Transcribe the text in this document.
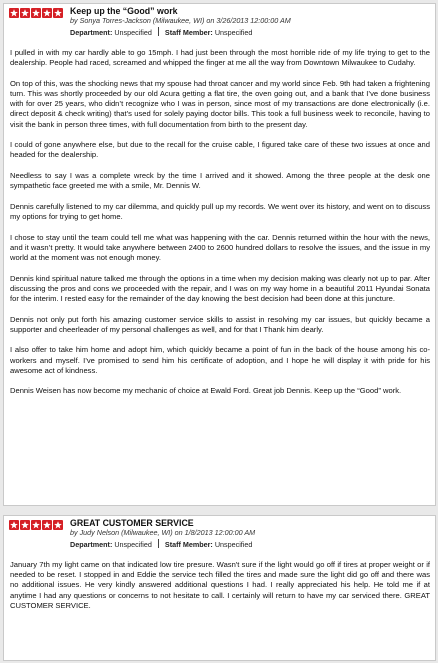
Keep up the “Good” work
by Sonya Torres-Jackson (Milwaukee, WI) on 3/26/2013 12:00:00 AM
Department: Unspecified Staff Member: Unspecified

I pulled in with my car hardly able to go 15mph. I had just been through the most horrible ride of my life trying to get to the dealership. People had raced, screamed and whipped the finger at me all the way from Downtown Milwaukee to Cudahy.

On top of this, was the shocking news that my spouse had throat cancer and my world since Feb. 9th had taken a frightening turn. This was shortly proceeded by our old Acura getting a flat tire, the oven going out, and a bank that I’ve done business with for over 25 years, who didn’t recognize who I was in person, since most of my transactions are done electronically (i.e. direct deposit & check writing) that’s used for solely paying doctor bills. This took a full business week to reconcile, having to visit the bank in person three times, with full documentation from birth to the present day.

I could of gone anywhere else, but due to the recall for the cruise cable, I figured take care of these two issues at once and headed for the dealership.

Needless to say I was a complete wreck by the time I arrived and it showed. Among the three people at the desk one sympathetic face greeted me with a smile, Mr. Dennis W.

Dennis carefully listened to my car dilemma, and quickly pull up my records. We went over its history, and went on to discuss my options for trying to get home.

I chose to stay until the team could tell me what was happening with the car. Dennis returned within the hour with the news, and it wasn’t pretty. It would take anywhere between 2400 to 2600 hundred dollars to resolve the issues, and the issue in my world at the moment was not enough money.

Dennis kind spiritual nature talked me through the options in a time when my decision making was clearly not up to par. After discussing the pros and cons we proceeded with the repair, and I was on my way home in a beautiful 2011 Hyundai Sonata for the interim. I rested easy for the remainder of the day knowing the best decision had been done at this juncture.

Dennis not only put forth his amazing customer service skills to assist in resolving my car issues, but quickly became a supporter and cheerleader of my personal challenges as well, and for that I Thank him dearly.

I also offer to take him home and adopt him, which quickly became a point of fun in the back of the house among his co-workers and myself. I’ve promised to send him his certificate of adoption, and I hope he will display it with pride for his awesome act of kindness.

Dennis Weisen has now become my mechanic of choice at Ewald Ford. Great job Dennis. Keep up the “Good” work.

GREAT CUSTOMER SERVICE
by Judy Nelson (Milwaukee, WI) on 1/8/2013 12:00:00 AM
Department: Unspecified Staff Member: Unspecified

January 7th my light came on that indicated low tire presure. Wasn't sure if the light would go off if tires at proper weight or if needed to be reset. I stopped in and Eddie the service tech filled the tires and made sure the light did go off and there was no additional issues. He very kindly answered additional questions I had. I really appreciated his help. He told me if at anytime I had any questions or concerns to not hesitate to call. I certainly will return to have my car serviced there. GREAT CUSTOMER SERVICE.
